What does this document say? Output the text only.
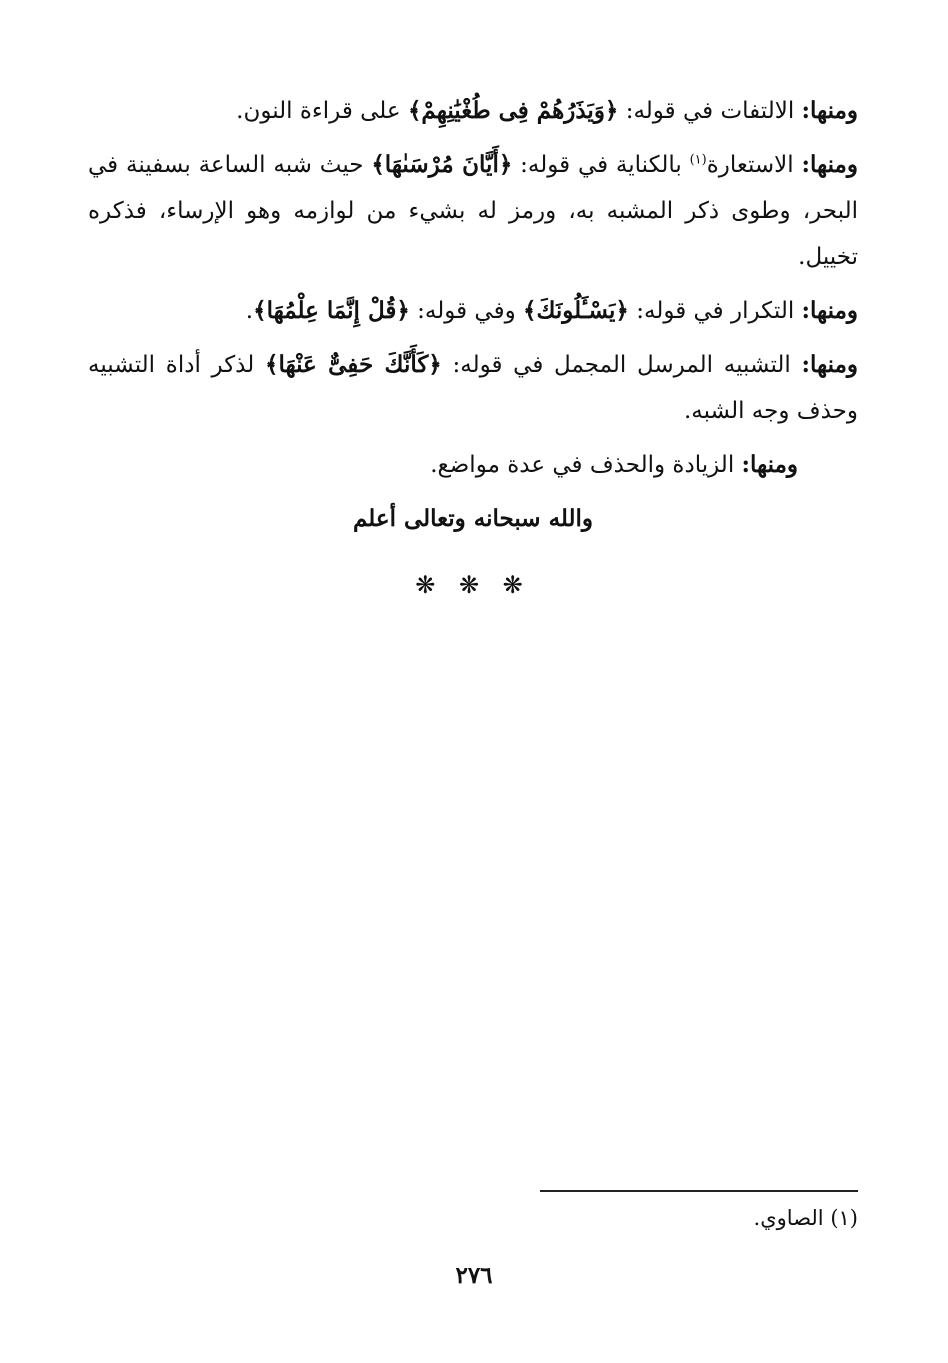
ومنها: الالتفات في قوله: ﴿وَيَذَرُهُمْ فِى طُغْيَٰنِهِمْ﴾ على قراءة النون.

ومنها: الاستعارة$^{(١)}$ بالكناية في قوله: ﴿أَيَّانَ مُرْسَىٰهَا﴾ حيث شبه الساعة بسفينة في البحر، وطوى ذكر المشبه به، ورمز له بشيء من لوازمه وهو الإرساء، فذكره تخييل.

ومنها: التكرار في قوله: ﴿يَسْـَٔلُونَكَ﴾ وفي قوله: ﴿قُلْ إِنَّمَا عِلْمُهَا﴾.

ومنها: التشبيه المرسل المجمل في قوله: ﴿كَأَنَّكَ حَفِىٌّ عَنْهَا﴾ لذكر أداة التشبيه وحذف وجه الشبه.

ومنها: الزيادة والحذف في عدة مواضع.

والله سبحانه وتعالى أعلم
❋ ❋ ❋
(١) الصاوي.
٢٧٦
